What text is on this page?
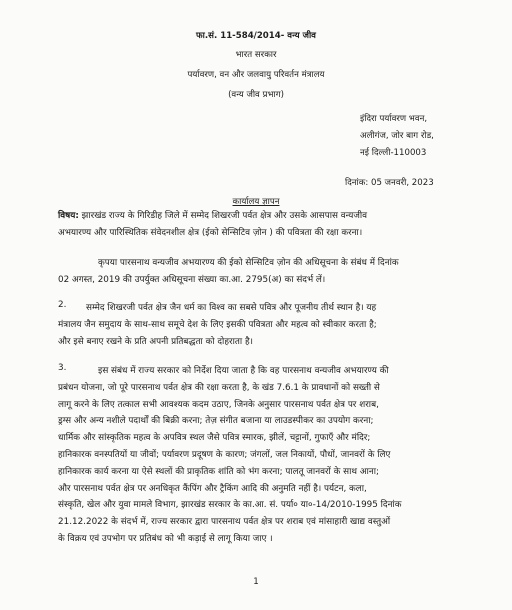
फा.सं. 11-584/2014- वन्य जीव
भारत सरकार
पर्यावरण, वन और जलवायु परिवर्तन मंत्रालय
(वन्य जीव प्रभाग)
इंदिरा पर्यावरण भवन,
अलीगंज, जोर बाग रोड,
नई दिल्ली-110003
दिनांक: 05 जनवरी, 2023
कार्यालय ज्ञापन
विषय: झारखंड राज्य के गिरिडीह जिले में सम्मेद शिखरजी पर्वत क्षेत्र और उसके आसपास वन्यजीव
अभयारण्य और पारिस्थितिक संवेदनशील क्षेत्र (ईको सेन्सिटिव ज़ोन ) की पवित्रता की रक्षा करना।
कृपया पारसनाथ वन्यजीव अभयारण्य की ईको सेन्सिटिव ज़ोन की अधिसूचना के संबंध में दिनांक
02 अगस्त, 2019 की उपर्युक्त अधिसूचना संख्या का.आ. 2795(अ) का संदर्भ लें।
2.	सम्मेद शिखरजी पर्वत क्षेत्र जैन धर्म का विश्व का सबसे पवित्र और पूजनीय तीर्थ स्थान है। यह
मंत्रालय जैन समुदाय के साथ-साथ समूचे देश के लिए इसकी पवित्रता और महत्व को स्वीकार करता है;
और इसे बनाए रखने के प्रति अपनी प्रतिबद्धता को दोहराता है।
3.	इस संबंध में राज्य सरकार को निर्देश दिया जाता है कि वह पारसनाथ वन्यजीव अभयारण्य की
प्रबंधन योजना, जो पूरे पारसनाथ पर्वत क्षेत्र की रक्षा करता है, के खंड 7.6.1 के प्रावधानों को सख्ती से
लागू करने के लिए तत्काल सभी आवश्यक कदम उठाए, जिनके अनुसार पारसनाथ पर्वत क्षेत्र पर शराब,
ड्रग्स और अन्य नशीले पदार्थों की बिक्री करना; तेज़ संगीत बजाना या लाउडस्पीकर का उपयोग करना;
धार्मिक और सांस्कृतिक महत्व के अपवित्र स्थल जैसे पवित्र स्मारक, झीलें, चट्टानों, गुफाएँ और मंदिर;
हानिकारक वनस्पतियों या जीवों; पर्यावरण प्रदूषण के कारण; जंगलों, जल निकायों, पौधों, जानवरों के लिए
हानिकारक कार्य करना या ऐसे स्थलों की प्राकृतिक शांति को भंग करना; पालतू जानवरों के साथ आना;
और पारसनाथ पर्वत क्षेत्र पर अनधिकृत कैंपिंग और ट्रैकिंग आदि की अनुमति नहीं है। पर्यटन, कला,
संस्कृति, खेल और युवा मामले विभाग, झारखंड सरकार के का.आ. सं. पर्या० या०-14/2010-1995 दिनांक
21.12.2022 के संदर्भ में, राज्य सरकार द्वारा पारसनाथ पर्वत क्षेत्र पर शराब एवं मांसाहारी खाद्य वस्तुओं
के विक्रय एवं उपभोग पर प्रतिबंध को भी कड़ाई से लागू किया जाए ।
1
